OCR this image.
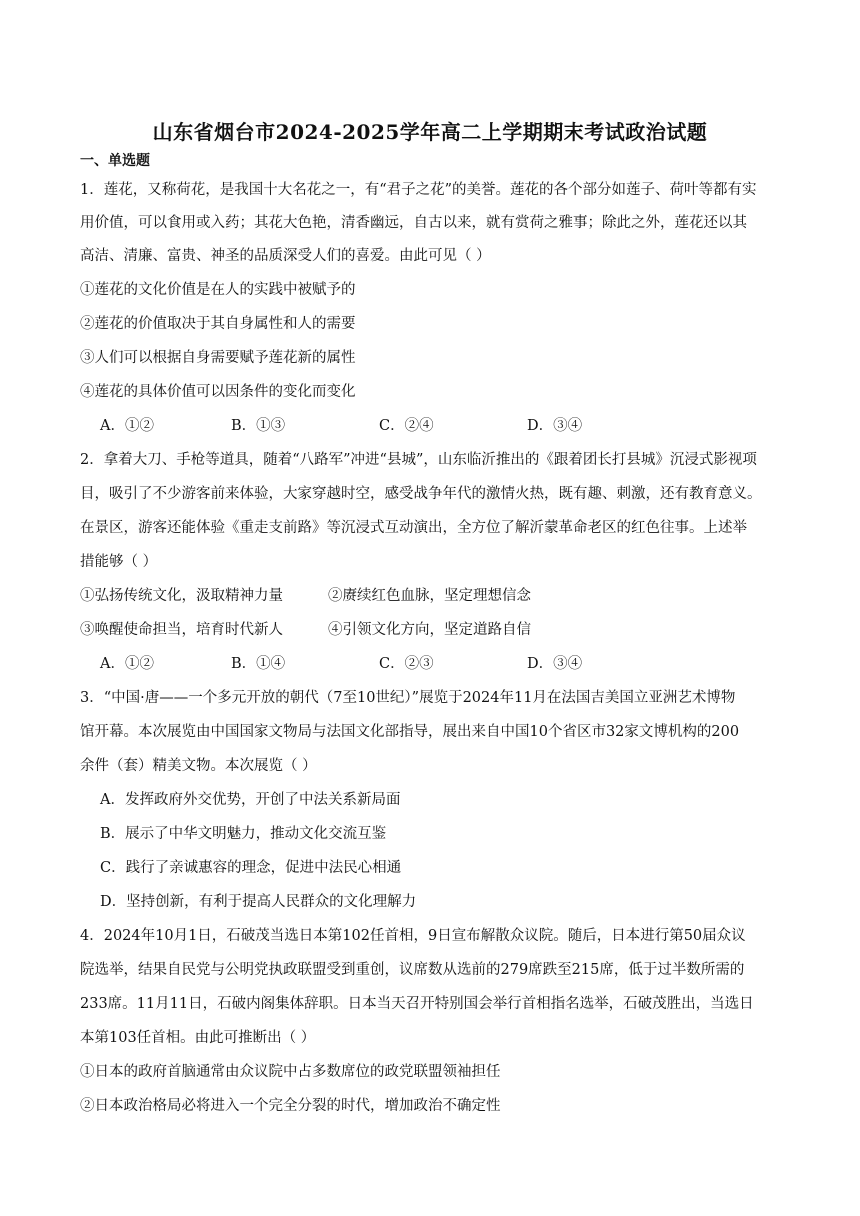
山东省烟台市2024-2025学年高二上学期期末考试政治试题
一、单选题
1．莲花，又称荷花，是我国十大名花之一，有“君子之花”的美誉。莲花的各个部分如莲子、荷叶等都有实
用价值，可以食用或入药；其花大色艳，清香幽远，自古以来，就有赏荷之雅事；除此之外，莲花还以其
高洁、清廉、富贵、神圣的品质深受人们的喜爱。由此可见（ ）
①莲花的文化价值是在人的实践中被赋予的
②莲花的价值取决于其自身属性和人的需要
③人们可以根据自身需要赋予莲花新的属性
④莲花的具体价值可以因条件的变化而变化
A．①②	B．①③	C．②④	D．③④
2．拿着大刀、手枪等道具，随着“八路军”冲进“县城”，山东临沂推出的《跟着团长打县城》沉浸式影视项
目，吸引了不少游客前来体验，大家穿越时空，感受战争年代的激情火热，既有趣、刺激，还有教育意义。
在景区，游客还能体验《重走支前路》等沉浸式互动演出，全方位了解沂蒙革命老区的红色往事。上述举
措能够（ ）
①弘扬传统文化，汲取精神力量	②赓续红色血脉，坚定理想信念
③唤醒使命担当，培育时代新人	④引领文化方向，坚定道路自信
A．①②	B．①④	C．②③	D．③④
3．“中国·唐——一个多元开放的朝代（7至10世纪）”展览于2024年11月在法国吉美国立亚洲艺术博物
馆开幕。本次展览由中国国家文物局与法国文化部指导，展出来自中国10个省区市32家文博机构的200
余件（套）精美文物。本次展览（ ）
A．发挥政府外交优势，开创了中法关系新局面
B．展示了中华文明魅力，推动文化交流互鉴
C．践行了亲诚惠容的理念，促进中法民心相通
D．坚持创新，有利于提高人民群众的文化理解力
4．2024年10月1日，石破茂当选日本第102任首相，9日宣布解散众议院。随后，日本进行第50届众议
院选举，结果自民党与公明党执政联盟受到重创，议席数从选前的279席跌至215席，低于过半数所需的
233席。11月11日，石破内阁集体辞职。日本当天召开特别国会举行首相指名选举，石破茂胜出，当选日
本第103任首相。由此可推断出（ ）
①日本的政府首脑通常由众议院中占多数席位的政党联盟领袖担任
②日本政治格局必将进入一个完全分裂的时代，增加政治不确定性
